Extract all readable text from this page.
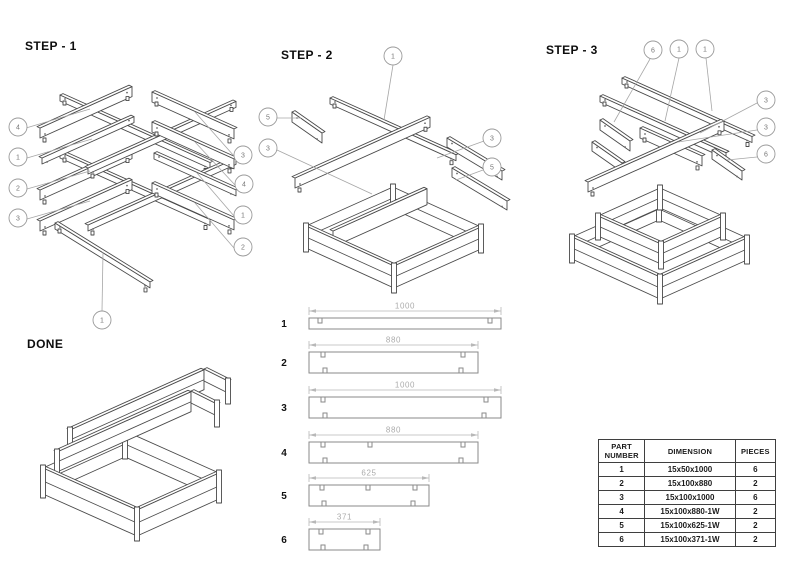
STEP - 1
STEP - 2	STEP - 3
DONE
4
1
2
3
3
4
1
2
1
1
5
3
3
5
6	1	1
3
3
6
1000
1
880
2
1000
3
880
4
625
5
371
6
PART NUMBER	DIMENSION	PIECES
1	15x50x1000	6
2	15x100x880	2
3	15x100x1000	6
4	15x100x880-1W	2
5	15x100x625-1W	2
6	15x100x371-1W	2
